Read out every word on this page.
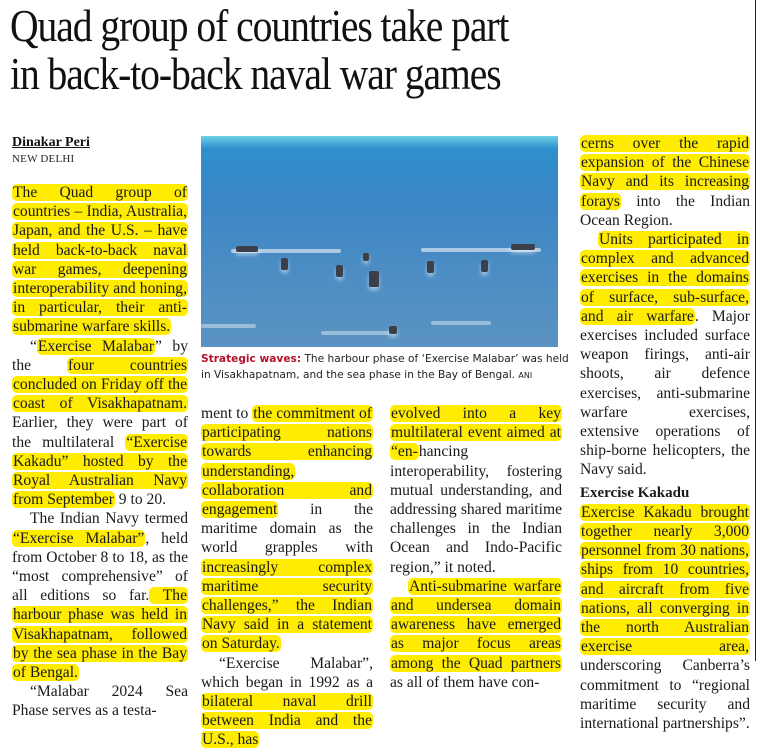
Quad group of countries take part
in back-to-back naval war games
Dinakar Peri
NEW DELHI

The Quad group of countries – India, Australia, Japan, and the U.S. – have held back-to-back naval war games, deepening interoperability and honing, in particular, their anti-submarine warfare skills.

“Exercise Malabar” by the four countries concluded on Friday off the coast of Visakhapatnam. Earlier, they were part of the multilateral “Exercise Kakadu” hosted by the Royal Australian Navy from September 9 to 20.

The Indian Navy termed “Exercise Malabar”, held from October 8 to 18, as the “most comprehensive” of all editions so far. The harbour phase was held in Visakhapatnam, followed by the sea phase in the Bay of Bengal.

“Malabar 2024 Sea Phase serves as a testa-

Strategic waves: The harbour phase of ‘Exercise Malabar’ was held in Visakhapatnam, and the sea phase in the Bay of Bengal. ANI

ment to the commitment of participating nations towards enhancing understanding, collaboration and engagement in the maritime domain as the world grapples with increasingly complex maritime security challenges,” the Indian Navy said in a statement on Saturday.

“Exercise Malabar”, which began in 1992 as a bilateral naval drill between India and the U.S., has

evolved into a key multilateral event aimed at “en-hancing interoperability, fostering mutual understanding, and addressing shared maritime challenges in the Indian Ocean and Indo-Pacific region,” it noted.

Anti-submarine warfare and undersea domain awareness have emerged as major focus areas among the Quad partners as all of them have con-

cerns over the rapid expansion of the Chinese Navy and its increasing forays into the Indian Ocean Region.

Units participated in complex and advanced exercises in the domains of surface, sub-surface, and air warfare. Major exercises included surface weapon firings, anti-air shoots, air defence exercises, anti-submarine warfare exercises, extensive operations of ship-borne helicopters, the Navy said.

Exercise Kakadu

Exercise Kakadu brought together nearly 3,000 personnel from 30 nations, ships from 10 countries, and aircraft from five nations, all converging in the north Australian exercise area, underscoring Canberra’s commitment to “regional maritime security and international partnerships”.
